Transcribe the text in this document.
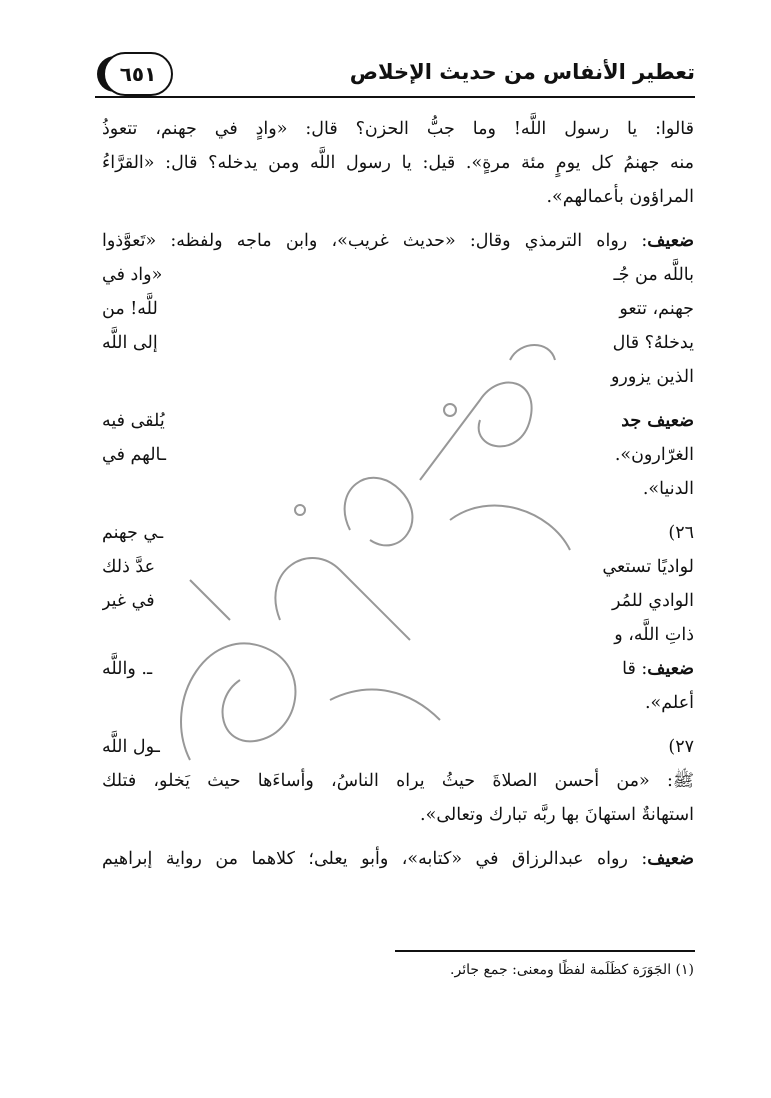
تعطير الأنفاس من حديث الإخلاص
٦٥١
قالوا: يا رسول اللَّه! وما جبُّ الحزن؟ قال: «وادٍ في جهنم، تتعوذُ
منه جهنمُ كل يومٍ مئة مرةٍ». قيل: يا رسول اللَّه ومن يدخله؟ قال: «القرَّاءُ
المراؤون بأعمالهم».
ضعيف: رواه الترمذي وقال: «حديث غريب»، وابن ماجه ولفظه: «تَعوَّذوا
باللَّه من جُـ
«واد في
جهنم، تتعو
للَّه! من
يدخلهُ؟ قال
إلى اللَّه
الذين يزورو
ضعيف جد
يُلقى فيه
الغرّارون».
ـالهم في
الدنيا».
٢٦)
ـي جهنم
لواديًا تستعي
عدَّ ذلك
الوادي للمُر
في غير
ذاتِ اللَّه، و
ضعيف: قا
ـ. واللَّه
أعلم».
٢٧)
ـول اللَّه
ﷺ: «من أحسن الصلاةَ حيثُ يراه الناسُ، وأساءَها حيث يَخلو، فتلك
استهانةٌ استهانَ بها ربَّه تبارك وتعالى».
ضعيف: رواه عبدالرزاق في «كتابه»، وأبو يعلى؛ كلاهما من رواية إبراهيم
(١) الجَوَرَة كظَلَمة لفظًا ومعنى: جمع جائر.
